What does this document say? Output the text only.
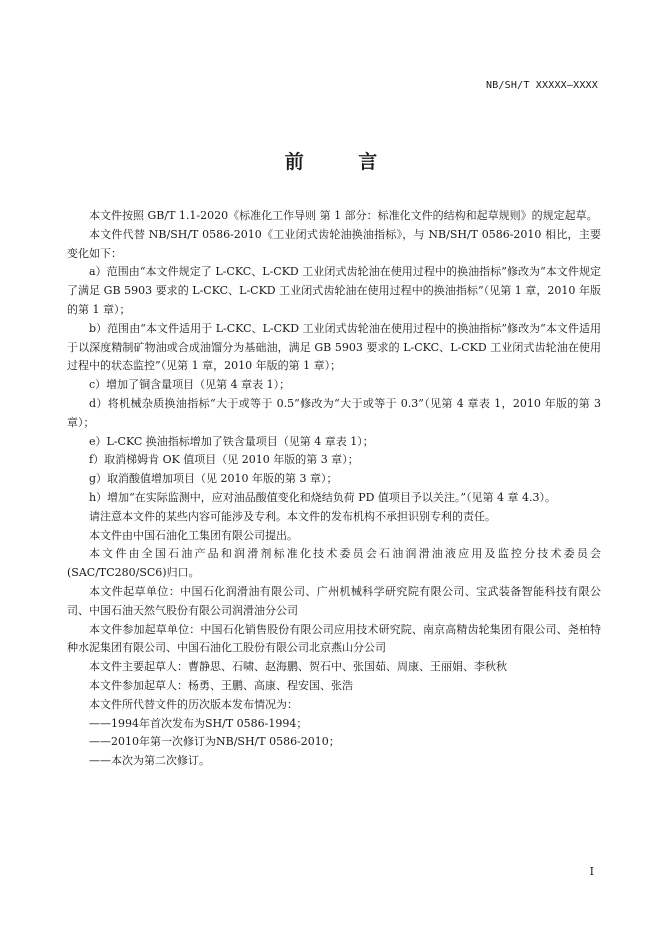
NB/SH/T XXXXX—XXXX
前 言

本文件按照 GB/T 1.1-2020《标准化工作导则 第 1 部分：标准化文件的结构和起草规则》的规定起草。

本文件代替 NB/SH/T 0586-2010《工业闭式齿轮油换油指标》，与 NB/SH/T 0586-2010 相比，主要变化如下：

a）范围由“本文件规定了 L-CKC、L-CKD 工业闭式齿轮油在使用过程中的换油指标”修改为“本文件规定了满足 GB 5903 要求的 L-CKC、L-CKD 工业闭式齿轮油在使用过程中的换油指标”（见第 1 章，2010 年版的第 1 章）；

b）范围由“本文件适用于 L-CKC、L-CKD 工业闭式齿轮油在使用过程中的换油指标”修改为“本文件适用于以深度精制矿物油或合成油馏分为基础油，满足 GB 5903 要求的 L-CKC、L-CKD 工业闭式齿轮油在使用过程中的状态监控”（见第 1 章，2010 年版的第 1 章）；

c）增加了铜含量项目（见第 4 章表 1）；

d）将机械杂质换油指标“大于或等于 0.5”修改为“大于或等于 0.3”（见第 4 章表 1，2010 年版的第 3 章）；

e）L-CKC 换油指标增加了铁含量项目（见第 4 章表 1）；

f）取消梯姆肯 OK 值项目（见 2010 年版的第 3 章）；

g）取消酸值增加项目（见 2010 年版的第 3 章）；

h）增加“在实际监测中，应对油品酸值变化和烧结负荷 PD 值项目予以关注。”（见第 4 章 4.3）。

请注意本文件的某些内容可能涉及专利。本文件的发布机构不承担识别专利的责任。

本文件由中国石油化工集团有限公司提出。

本文件由全国石油产品和润滑剂标准化技术委员会石油润滑油液应用及监控分技术委员会(SAC/TC280/SC6)归口。

本文件起草单位：中国石化润滑油有限公司、广州机械科学研究院有限公司、宝武装备智能科技有限公司、中国石油天然气股份有限公司润滑油分公司

本文件参加起草单位：中国石化销售股份有限公司应用技术研究院、南京高精齿轮集团有限公司、尧柏特种水泥集团有限公司、中国石油化工股份有限公司北京燕山分公司

本文件主要起草人：曹静思、石啸、赵海鹏、贺石中、张国茹、周康、王丽娟、李秋秋

本文件参加起草人：杨勇、王鹏、高康、程安国、张浩

本文件所代替文件的历次版本发布情况为：

——1994年首次发布为SH/T 0586-1994；

——2010年第一次修订为NB/SH/T 0586-2010；

——本次为第二次修订。

I
